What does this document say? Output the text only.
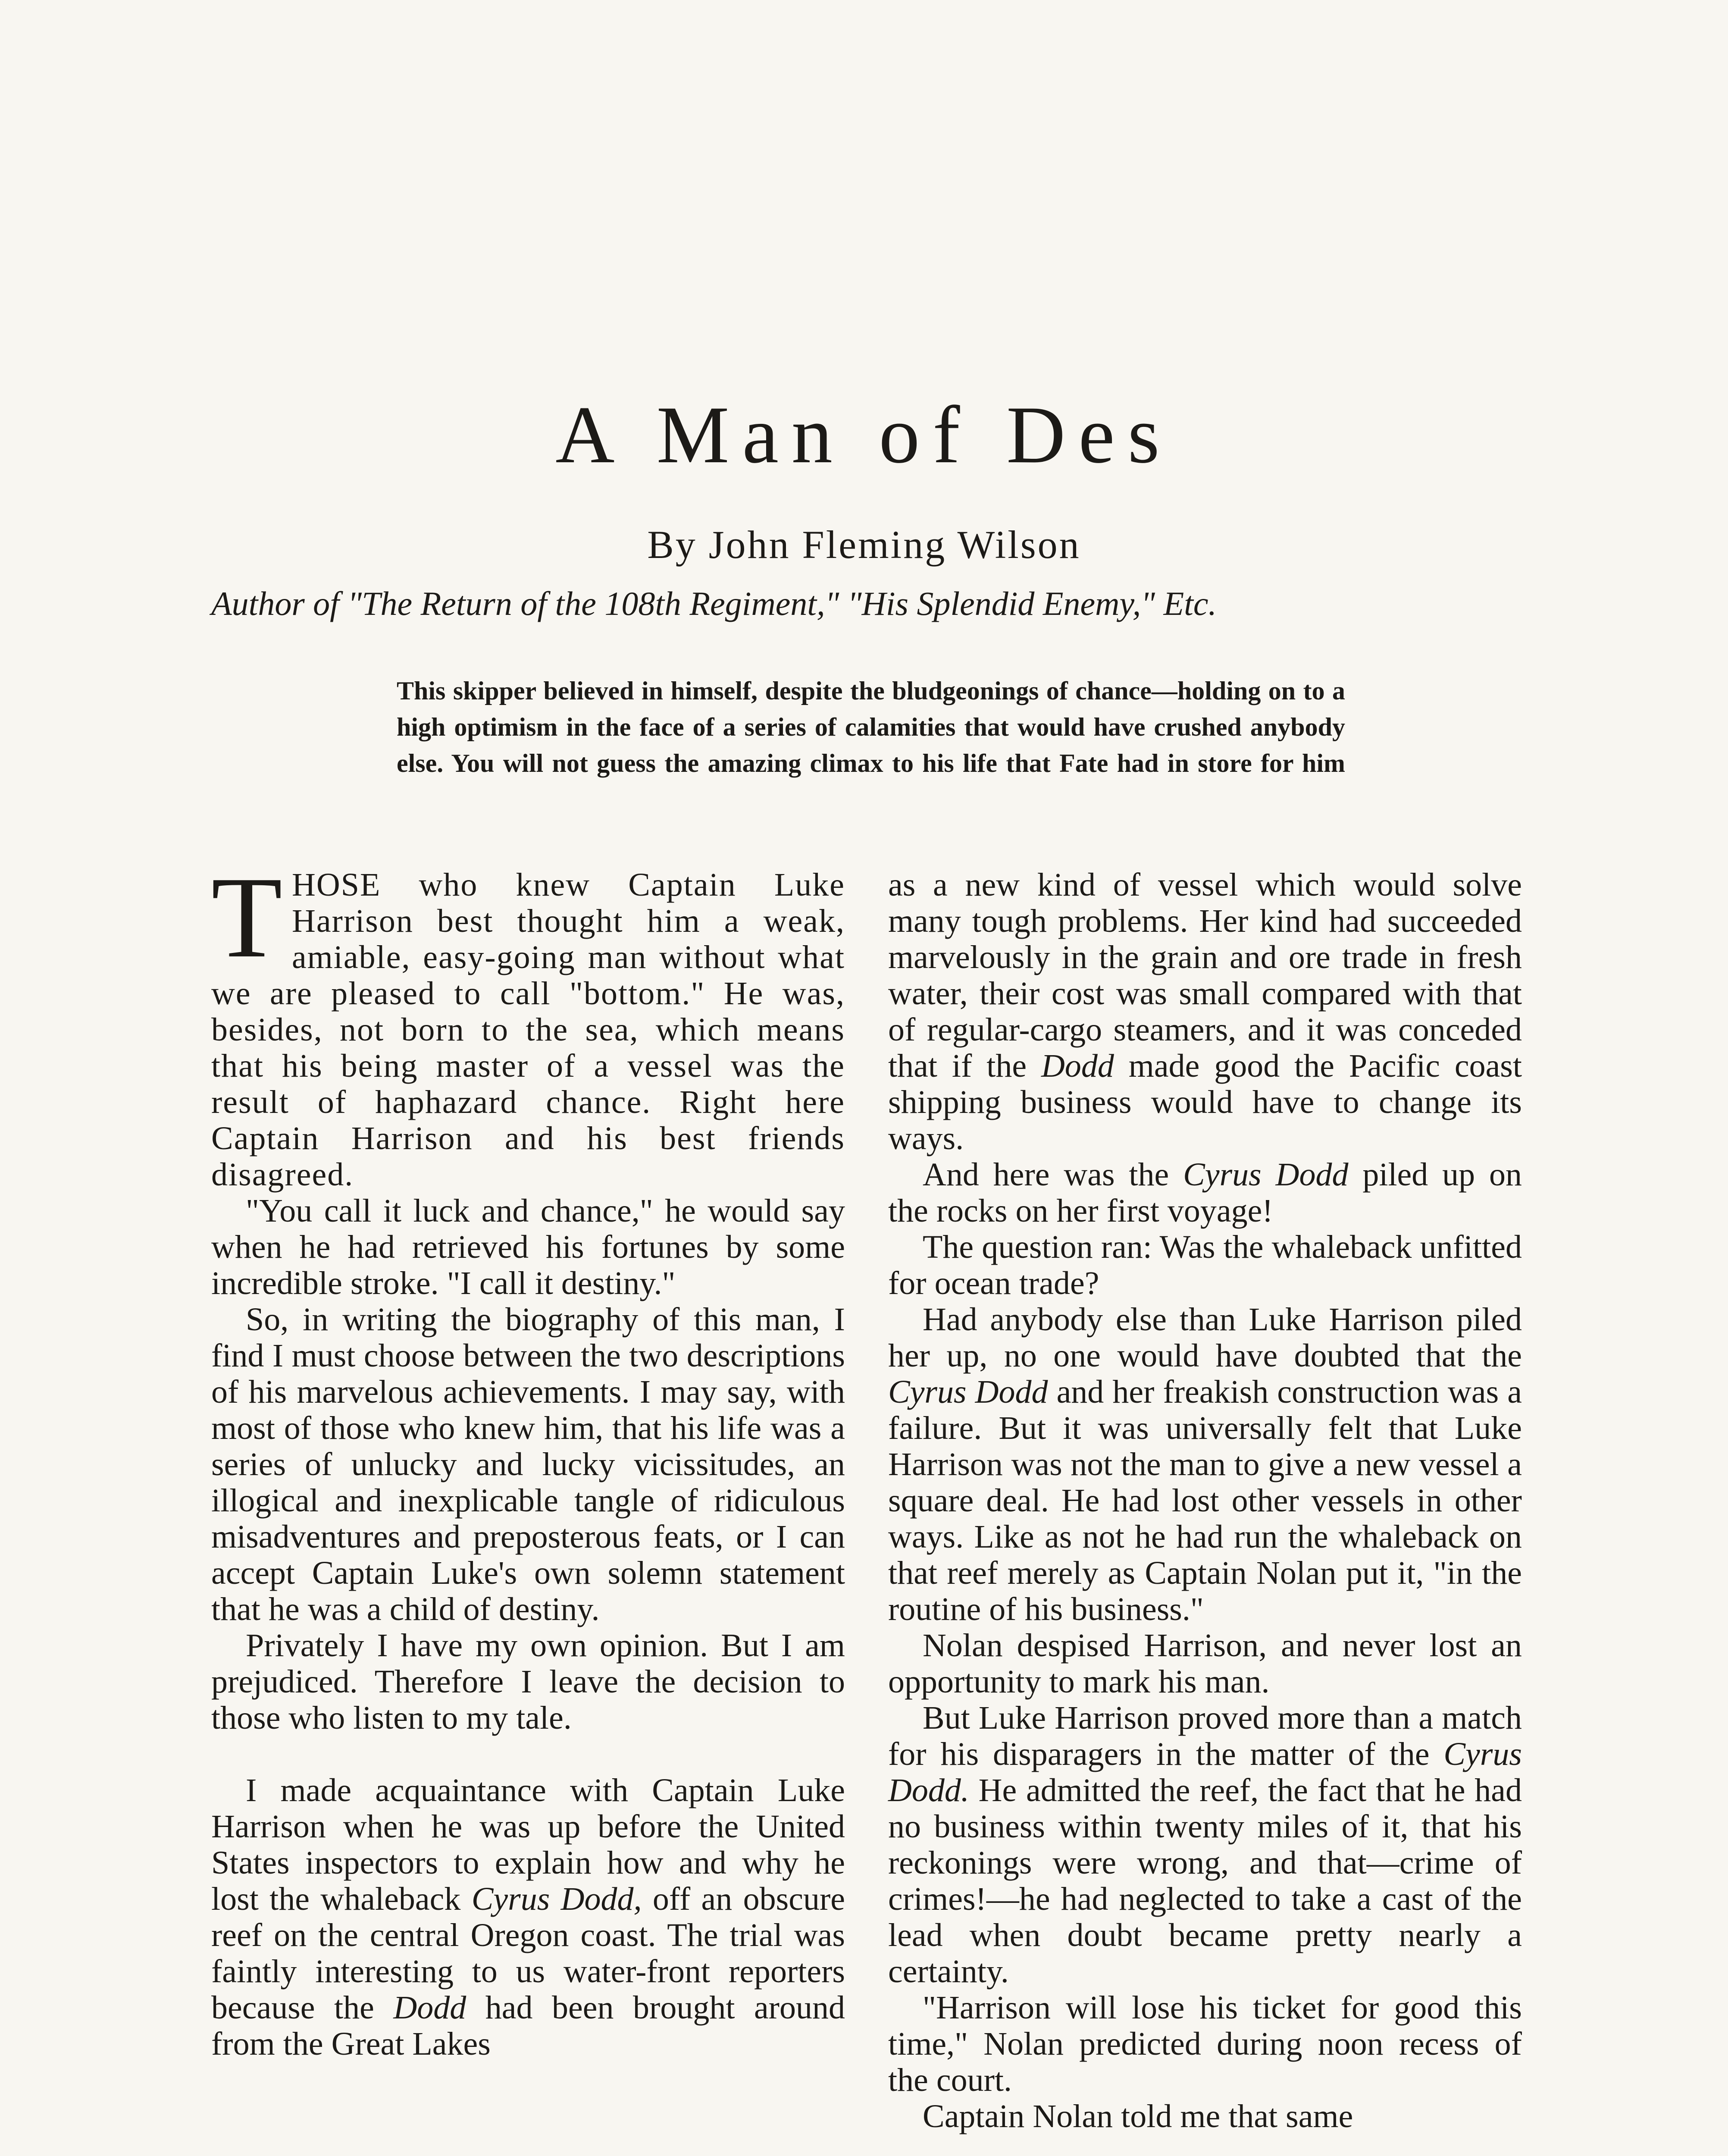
A Man of Des
By John Fleming Wilson
Author of "The Return of the 108th Regiment," "His Splendid Enemy," Etc.
This skipper believed in himself, despite the bludgeonings of chance—holding on to a high optimism in the face of a series of calamities that would have crushed anybody else. You will not guess the amazing climax to his life that Fate had in store for him

THOSE who knew Captain Luke Harrison best thought him a weak, amiable, easy-going man without what we are pleased to call "bottom." He was, besides, not born to the sea, which means that his being master of a vessel was the result of haphazard chance. Right here Captain Harrison and his best friends disagreed.

"You call it luck and chance," he would say when he had retrieved his fortunes by some incredible stroke. "I call it destiny."

So, in writing the biography of this man, I find I must choose between the two descriptions of his marvelous achievements. I may say, with most of those who knew him, that his life was a series of unlucky and lucky vicissitudes, an illogical and inexplicable tangle of ridiculous misadventures and preposterous feats, or I can accept Captain Luke's own solemn statement that he was a child of destiny.

Privately I have my own opinion. But I am prejudiced. Therefore I leave the decision to those who listen to my tale.

I made acquaintance with Captain Luke Harrison when he was up before the United States inspectors to explain how and why he lost the whaleback Cyrus Dodd, off an obscure reef on the central Oregon coast. The trial was faintly interesting to us water-front reporters because the Dodd had been brought around from the Great Lakes

as a new kind of vessel which would solve many tough problems. Her kind had succeeded marvelously in the grain and ore trade in fresh water, their cost was small compared with that of regular-cargo steamers, and it was conceded that if the Dodd made good the Pacific coast shipping business would have to change its ways.

And here was the Cyrus Dodd piled up on the rocks on her first voyage!

The question ran: Was the whaleback unfitted for ocean trade?

Had anybody else than Luke Harrison piled her up, no one would have doubted that the Cyrus Dodd and her freakish construction was a failure. But it was universally felt that Luke Harrison was not the man to give a new vessel a square deal. He had lost other vessels in other ways. Like as not he had run the whaleback on that reef merely as Captain Nolan put it, "in the routine of his business."

Nolan despised Harrison, and never lost an opportunity to mark his man.

But Luke Harrison proved more than a match for his disparagers in the matter of the Cyrus Dodd. He admitted the reef, the fact that he had no business within twenty miles of it, that his reckonings were wrong, and that—crime of crimes!—he had neglected to take a cast of the lead when doubt became pretty nearly a certainty.

"Harrison will lose his ticket for good this time," Nolan predicted during noon recess of the court.

Captain Nolan told me that same
